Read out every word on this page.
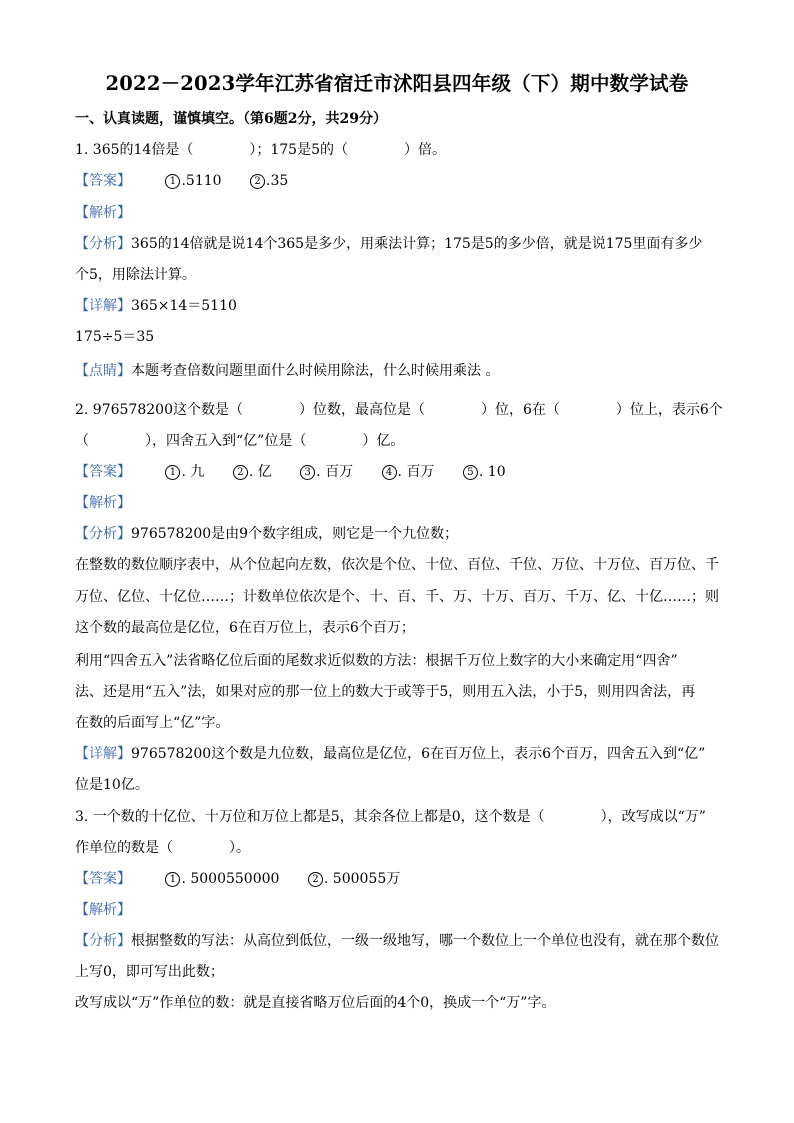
2022－2023学年江苏省宿迁市沭阳县四年级（下）期中数学试卷
一、认真读题，谨慎填空。（第6题2分，共29分）
1. 365的14倍是（　　　　）；175是5的（　　　　）倍。
【答案】	1 .5110	2 .35
【解析】
【分析】365的14倍就是说14个365是多少，用乘法计算；175是5的多少倍，就是说175里面有多少
个5，用除法计算。
【详解】365×14＝5110
175÷5＝35
【点睛】本题考查倍数问题里面什么时候用除法，什么时候用乘法 。
2. 976578200这个数是（　　　　）位数，最高位是（　　　　）位，6在（　　　　）位上，表示6个
（　　　　），四舍五入到“亿”位是（　　　　）亿。
【答案】	1 . 九	2 . 亿	3 . 百万	4 . 百万	5 . 10
【解析】
【分析】976578200是由9个数字组成，则它是一个九位数；
在整数的数位顺序表中，从个位起向左数，依次是个位、十位、百位、千位、万位、十万位、百万位、千
万位、亿位、十亿位……；计数单位依次是个、十、百、千、万、十万、百万、千万、亿、十亿……；则
这个数的最高位是亿位，6在百万位上，表示6个百万；
利用“四舍五入”法省略亿位后面的尾数求近似数的方法：根据千万位上数字的大小来确定用“四舍”
法、还是用“五入”法，如果对应的那一位上的数大于或等于5，则用五入法，小于5，则用四舍法，再
在数的后面写上“亿”字。
【详解】976578200这个数是九位数，最高位是亿位，6在百万位上，表示6个百万，四舍五入到“亿”
位是10亿。
3. 一个数的十亿位、十万位和万位上都是5，其余各位上都是0，这个数是（　　　　），改写成以“万”
作单位的数是（　　　　）。
【答案】	1 . 5000550000	2 . 500055万
【解析】
【分析】根据整数的写法：从高位到低位，一级一级地写，哪一个数位上一个单位也没有，就在那个数位
上写0，即可写出此数；
改写成以“万”作单位的数：就是直接省略万位后面的4个0，换成一个“万”字。
